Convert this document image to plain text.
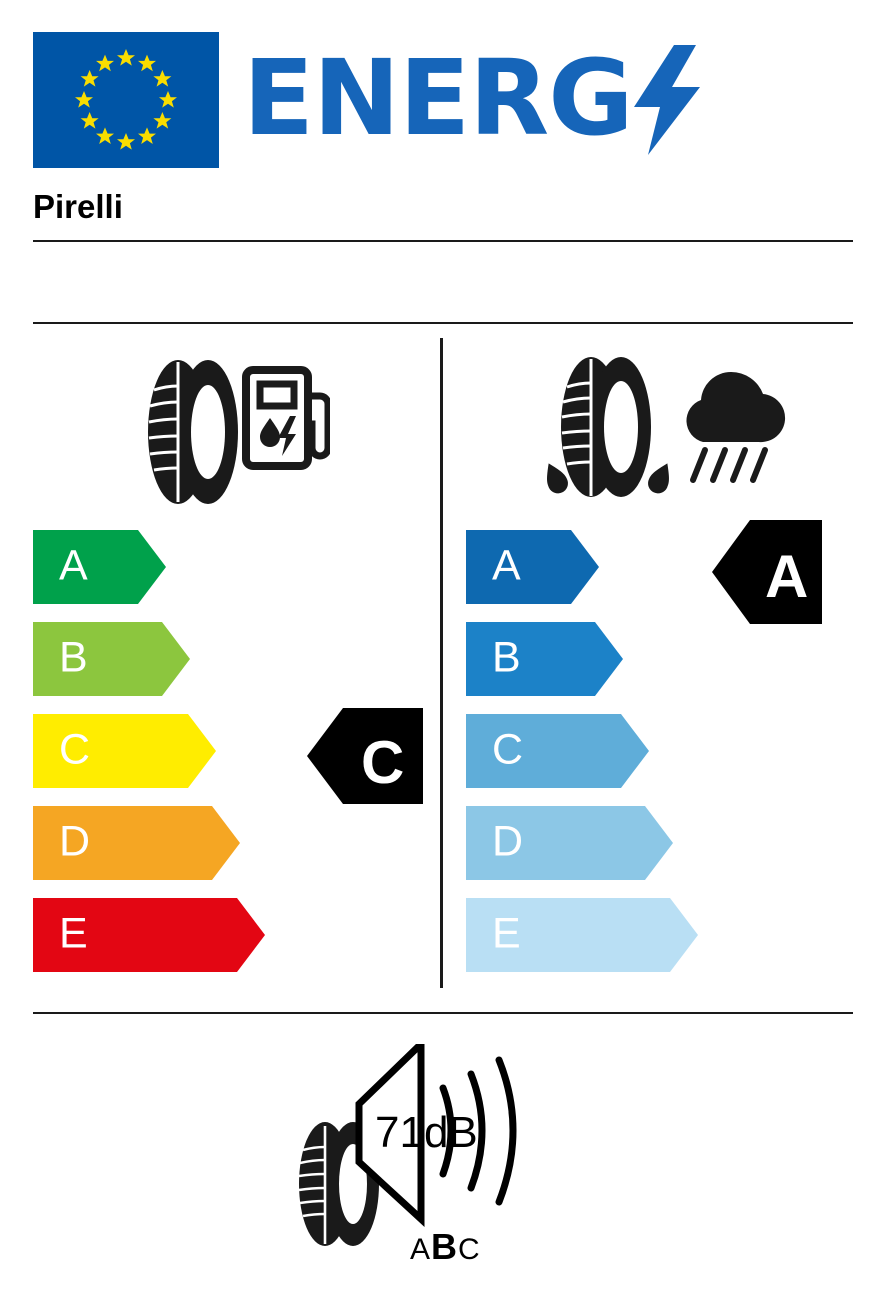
ENERG
Pirelli
A
B
C
D
E
C
A
B
C
D
E
A
71dB
ABC
